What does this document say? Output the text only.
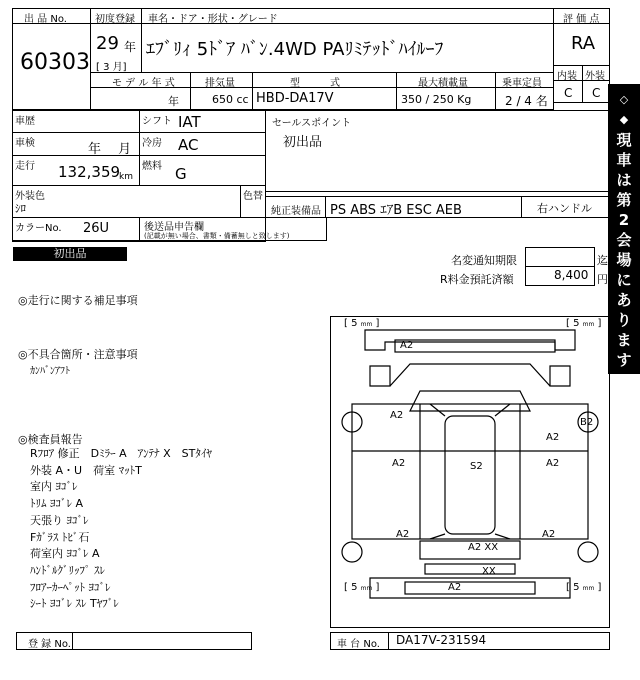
出 品 No.
60303
初度登録
29 年
[ 3 月]
車名・ドア・形状・グレード
ｴﾌﾞﾘｨ 5ﾄﾞｱ ﾊﾞﾝ.4WD PAﾘﾐﾃｯﾄﾞﾊｲﾙｰﾌ
評 価 点
RA
内装 外装
C C
モ デ ル 年 式
年
排気量
650 cc
型　　　式
HBD-DA17V
最大積載量
350 / 250 Kg
乗車定員
2 / 4 名
車歴
車検	年　 月
走行 132,359
km
シフト IAT
冷房 AC
燃料 G
外装色
ｼﾛ
色替
セールスポイント
初出品
純正装備品 PS ABS ｴｱB ESC AEB	右ハンドル
カラーNo. 26U	後送品申告欄
(記載が無い場合、書類・備蓄無しと致します)
初出品
名変通知期限	迄
R料金預託済額	8,400 円
◇
◆
現
車
は
第
2
会
場
に
あ
り
ま
す
◆
◇
◎走行に関する補足事項
◎不具合箇所・注意事項
ｶﾝﾊﾞﾝｱﾌﾄ
◎検査員報告
Rﾌﾛｱ 修正　Dﾐﾗｰ A　ｱﾝﾃﾅ X　STﾀｲﾔ
外装 A・U　荷室 ﾏｯﾄT
室内 ﾖｺﾞﾚ
ﾄﾘﾑ ﾖｺﾞﾚ A
天張り ﾖｺﾞﾚ
Fｶﾞﾗｽ ﾄﾋﾞ石
荷室内 ﾖｺﾞﾚ A
ﾊﾝﾄﾞﾙｸﾞﾘｯﾌﾟ ｽﾚ
ﾌﾛｱｰｶｰﾍﾟｯﾄ ﾖｺﾞﾚ
ｼｰﾄ ﾖｺﾞﾚ ｽﾚ Tﾔﾌﾞﾚ
[ 5 mm ]	[ 5 mm ]
[ 5 mm ]	[ 5 mm ]
A2
A2
A2
B2
A2	A2
S2
A2	A2
A2 XX
XX
A2
登 録 No.	車 台 No. DA17V-231594
